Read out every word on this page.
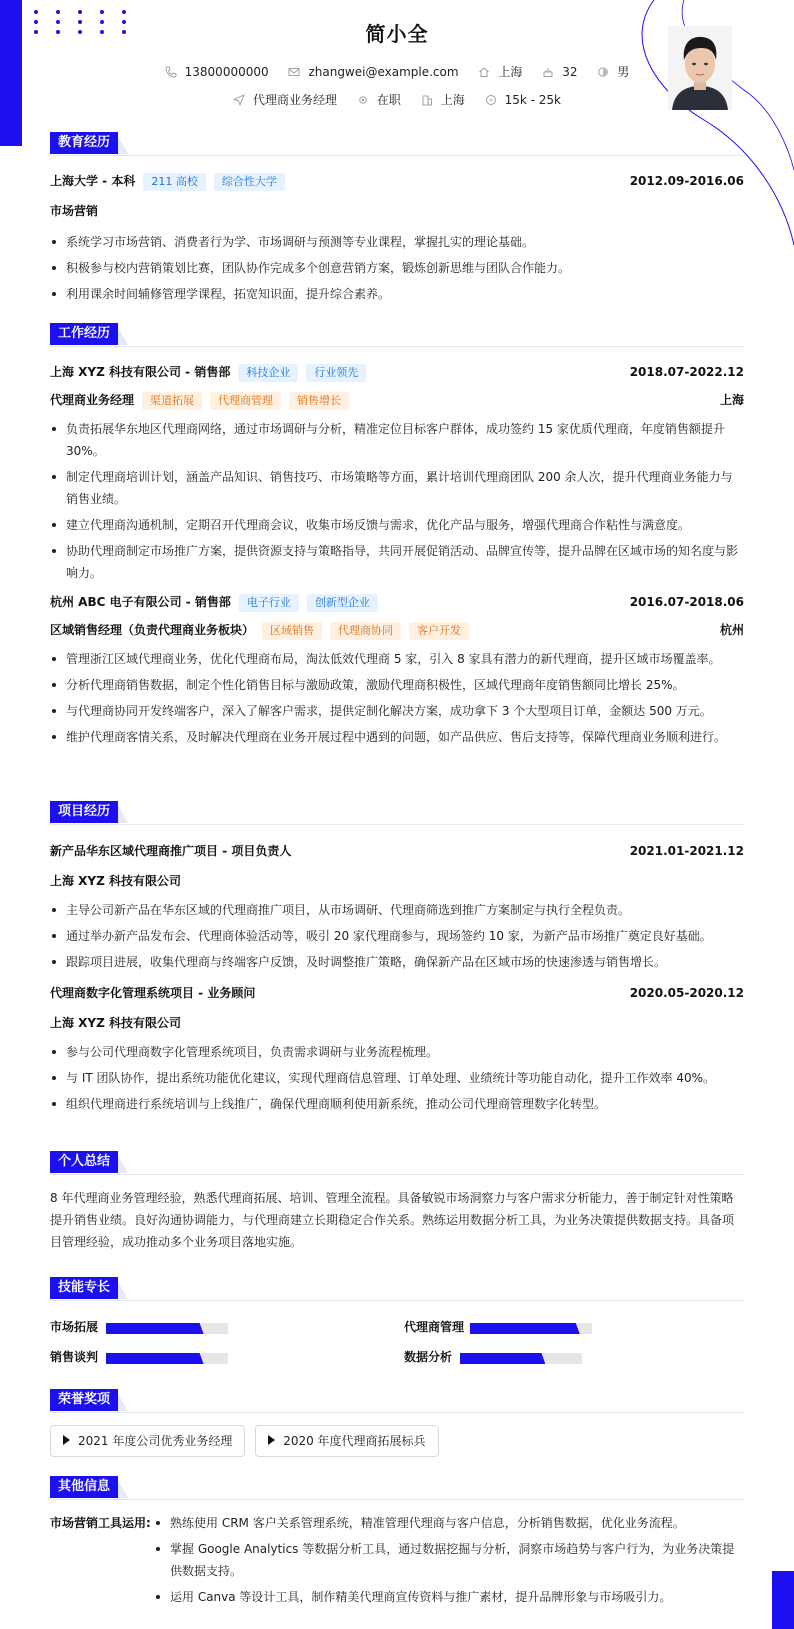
简小全
13800000000	zhangwei@example.com	上海	32	男
代理商业务经理	在职	上海	15k - 25k
教育经历
上海大学 - 本科 211 高校 综合性大学	2012.09-2016.06
市场营销
系统学习市场营销、消费者行为学、市场调研与预测等专业课程，掌握扎实的理论基础。
积极参与校内营销策划比赛，团队协作完成多个创意营销方案，锻炼创新思维与团队合作能力。
利用课余时间辅修管理学课程，拓宽知识面，提升综合素养。
工作经历
上海 XYZ 科技有限公司 - 销售部 科技企业 行业领先	2018.07-2022.12
代理商业务经理 渠道拓展 代理商管理 销售增长	上海
负责拓展华东地区代理商网络，通过市场调研与分析，精准定位目标客户群体，成功签约 15 家优质代理商，年度销售额提升 30%。
制定代理商培训计划，涵盖产品知识、销售技巧、市场策略等方面，累计培训代理商团队 200 余人次，提升代理商业务能力与销售业绩。
建立代理商沟通机制，定期召开代理商会议，收集市场反馈与需求，优化产品与服务，增强代理商合作粘性与满意度。
协助代理商制定市场推广方案，提供资源支持与策略指导，共同开展促销活动、品牌宣传等，提升品牌在区域市场的知名度与影响力。
杭州 ABC 电子有限公司 - 销售部 电子行业 创新型企业	2016.07-2018.06
区域销售经理（负责代理商业务板块） 区域销售 代理商协同 客户开发	杭州
管理浙江区域代理商业务，优化代理商布局，淘汰低效代理商 5 家，引入 8 家具有潜力的新代理商，提升区域市场覆盖率。
分析代理商销售数据，制定个性化销售目标与激励政策，激励代理商积极性，区域代理商年度销售额同比增长 25%。
与代理商协同开发终端客户，深入了解客户需求，提供定制化解决方案，成功拿下 3 个大型项目订单，金额达 500 万元。
维护代理商客情关系，及时解决代理商在业务开展过程中遇到的问题，如产品供应、售后支持等，保障代理商业务顺利进行。
项目经历
新产品华东区域代理商推广项目 - 项目负责人	2021.01-2021.12
上海 XYZ 科技有限公司
主导公司新产品在华东区域的代理商推广项目，从市场调研、代理商筛选到推广方案制定与执行全程负责。
通过举办新产品发布会、代理商体验活动等，吸引 20 家代理商参与，现场签约 10 家，为新产品市场推广奠定良好基础。
跟踪项目进展，收集代理商与终端客户反馈，及时调整推广策略，确保新产品在区域市场的快速渗透与销售增长。
代理商数字化管理系统项目 - 业务顾问	2020.05-2020.12
上海 XYZ 科技有限公司
参与公司代理商数字化管理系统项目，负责需求调研与业务流程梳理。
与 IT 团队协作，提出系统功能优化建议，实现代理商信息管理、订单处理、业绩统计等功能自动化，提升工作效率 40%。
组织代理商进行系统培训与上线推广，确保代理商顺利使用新系统，推动公司代理商管理数字化转型。
个人总结
8 年代理商业务管理经验，熟悉代理商拓展、培训、管理全流程。具备敏锐市场洞察力与客户需求分析能力，善于制定针对性策略提升销售业绩。良好沟通协调能力，与代理商建立长期稳定合作关系。熟练运用数据分析工具，为业务决策提供数据支持。具备项目管理经验，成功推动多个业务项目落地实施。
技能专长
市场拓展	代理商管理
销售谈判	数据分析
荣誉奖项
2021 年度公司优秀业务经理	2020 年度代理商拓展标兵
其他信息
市场营销工具运用:	熟练使用 CRM 客户关系管理系统，精准管理代理商与客户信息，分析销售数据，优化业务流程。
掌握 Google Analytics 等数据分析工具，通过数据挖掘与分析，洞察市场趋势与客户行为，为业务决策提供数据支持。
运用 Canva 等设计工具，制作精美代理商宣传资料与推广素材，提升品牌形象与市场吸引力。
